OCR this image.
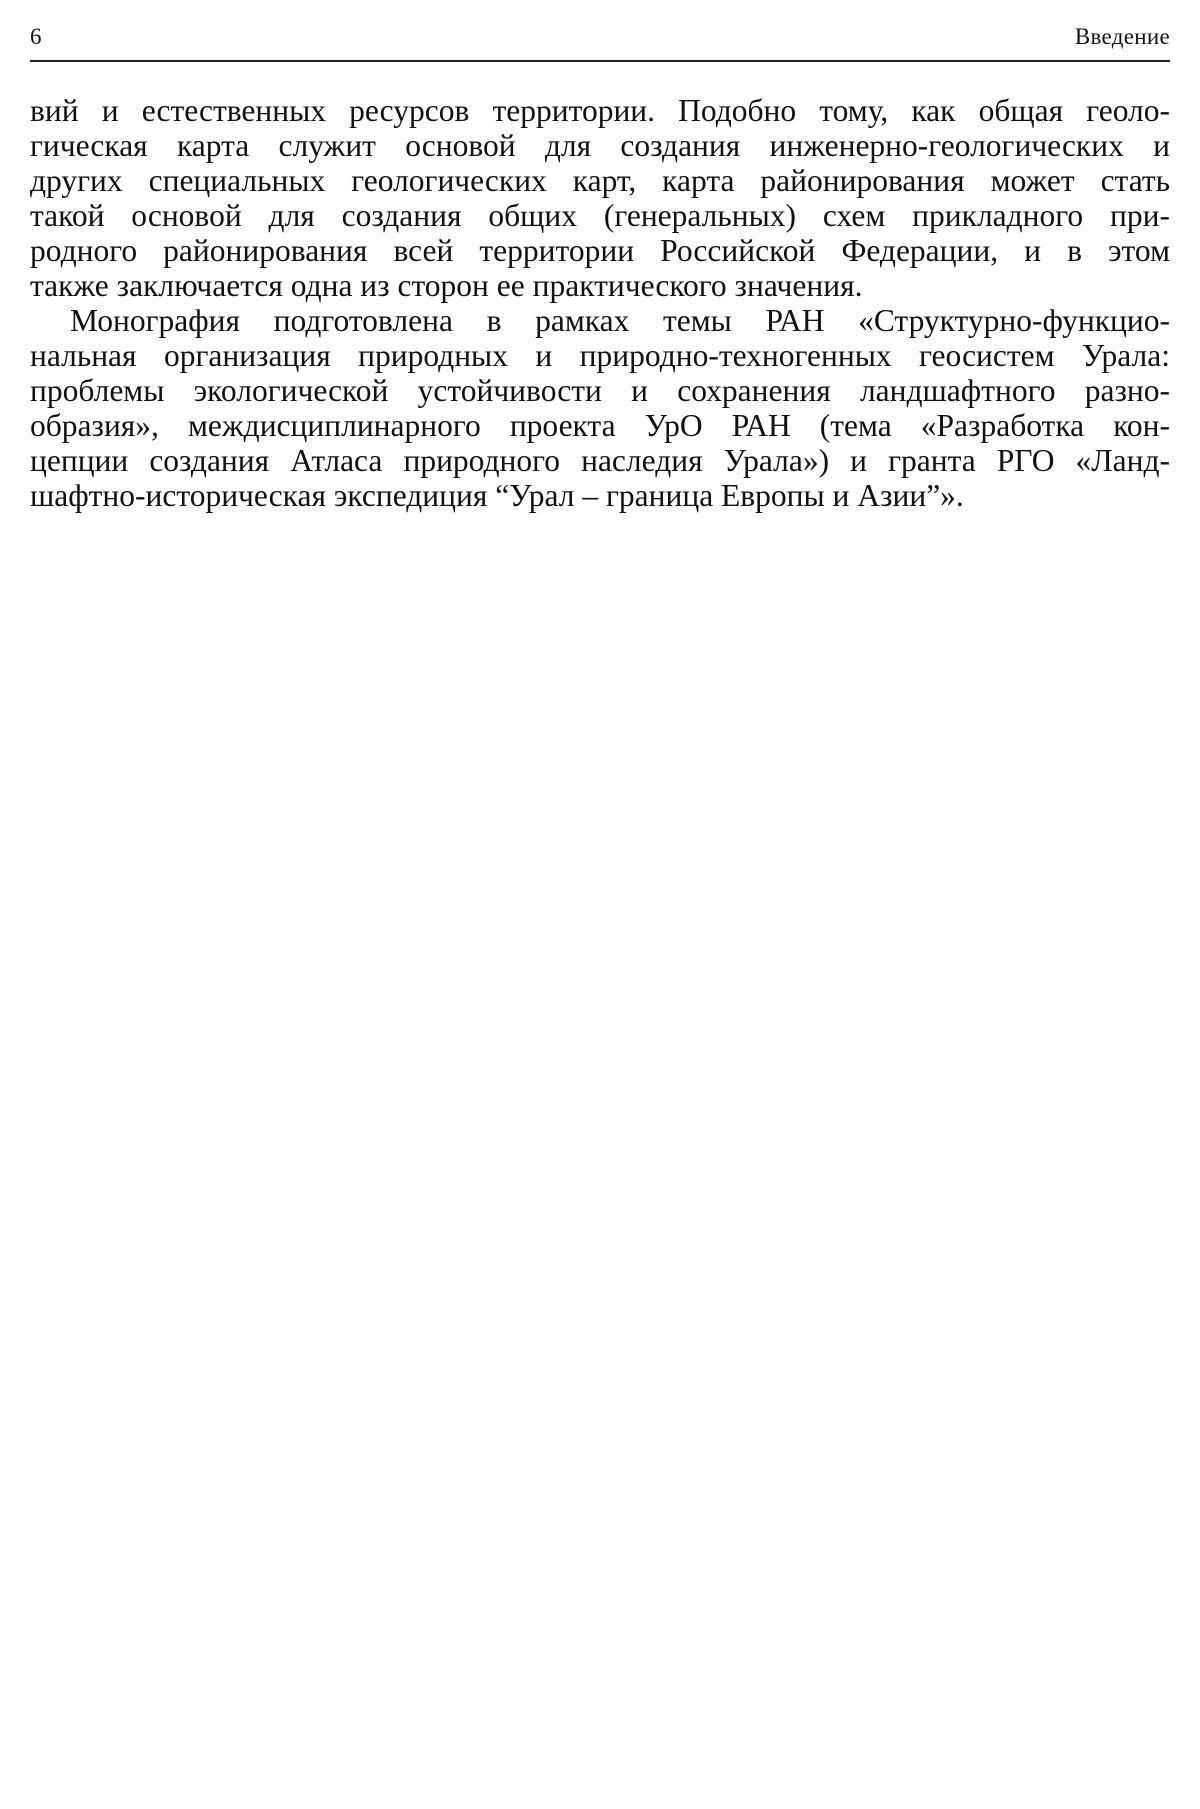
6	Введение

вий и естественных ресурсов территории. Подобно тому, как общая геоло-
гическая карта служит основой для создания инженерно-геологических и
других специальных геологических карт, карта районирования может стать
такой основой для создания общих (генеральных) схем прикладного при-
родного районирования всей территории Российской Федерации, и в этом
также заключается одна из сторон ее практического значения.

Монография подготовлена в рамках темы РАН «Структурно-функцио-
нальная организация природных и природно-техногенных геосистем Урала:
проблемы экологической устойчивости и сохранения ландшафтного разно-
образия», междисциплинарного проекта УрО РАН (тема «Разработка кон-
цепции создания Атласа природного наследия Урала») и гранта РГО «Ланд-
шафтно-историческая экспедиция “Урал – граница Европы и Азии”».
